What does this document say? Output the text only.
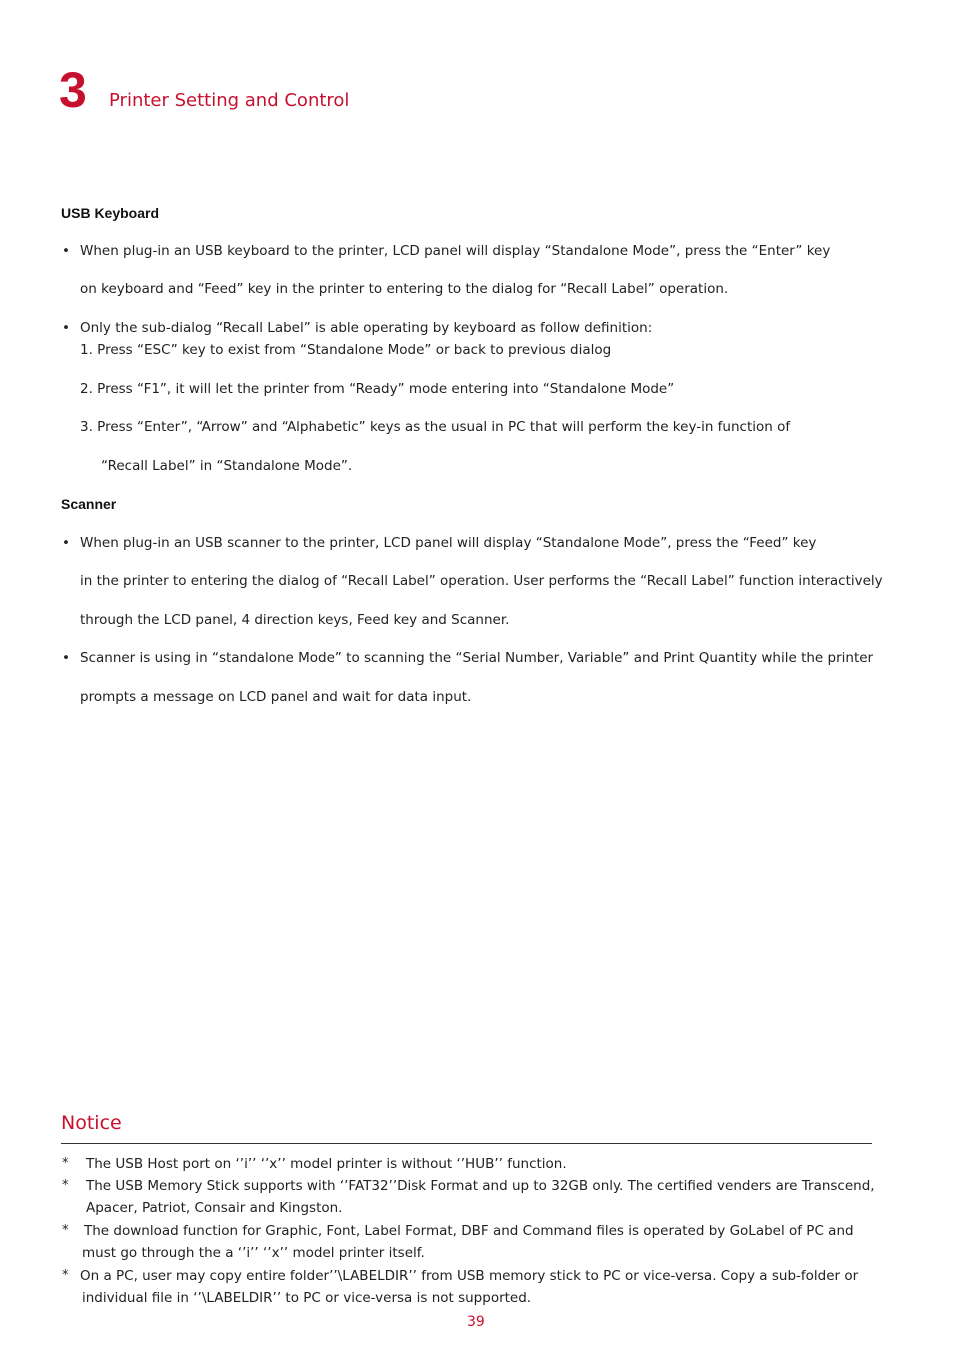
3 Printer Setting and Control
USB Keyboard
• When plug-in an USB keyboard to the printer, LCD panel will display “Standalone Mode”, press the “Enter” key
on keyboard and “Feed” key in the printer to entering to the dialog for “Recall Label” operation.
• Only the sub-dialog “Recall Label” is able operating by keyboard as follow definition:
1. Press “ESC” key to exist from “Standalone Mode” or back to previous dialog
2. Press “F1”, it will let the printer from “Ready” mode entering into “Standalone Mode”
3. Press “Enter”, “Arrow” and “Alphabetic” keys as the usual in PC that will perform the key-in function of
“Recall Label” in “Standalone Mode”.
Scanner
• When plug-in an USB scanner to the printer, LCD panel will display “Standalone Mode”, press the “Feed” key
in the printer to entering the dialog of “Recall Label” operation. User performs the “Recall Label” function interactively
through the LCD panel, 4 direction keys, Feed key and Scanner.
• Scanner is using in “standalone Mode” to scanning the “Serial Number, Variable” and Print Quantity while the printer
prompts a message on LCD panel and wait for data input.
Notice
* The USB Host port on ‘’i’’ ‘’x’’ model printer is without ‘’HUB’’ function.
* The USB Memory Stick supports with ‘’FAT32’’Disk Format and up to 32GB only. The certified venders are Transcend,
Apacer, Patriot, Consair and Kingston.
* The download function for Graphic, Font, Label Format, DBF and Command files is operated by GoLabel of PC and
must go through the a ‘’i’’ ‘’x’’ model printer itself.
* On a PC, user may copy entire folder’’\LABELDIR’’ from USB memory stick to PC or vice-versa. Copy a sub-folder or
individual file in ‘’\LABELDIR’’ to PC or vice-versa is not supported.
39
